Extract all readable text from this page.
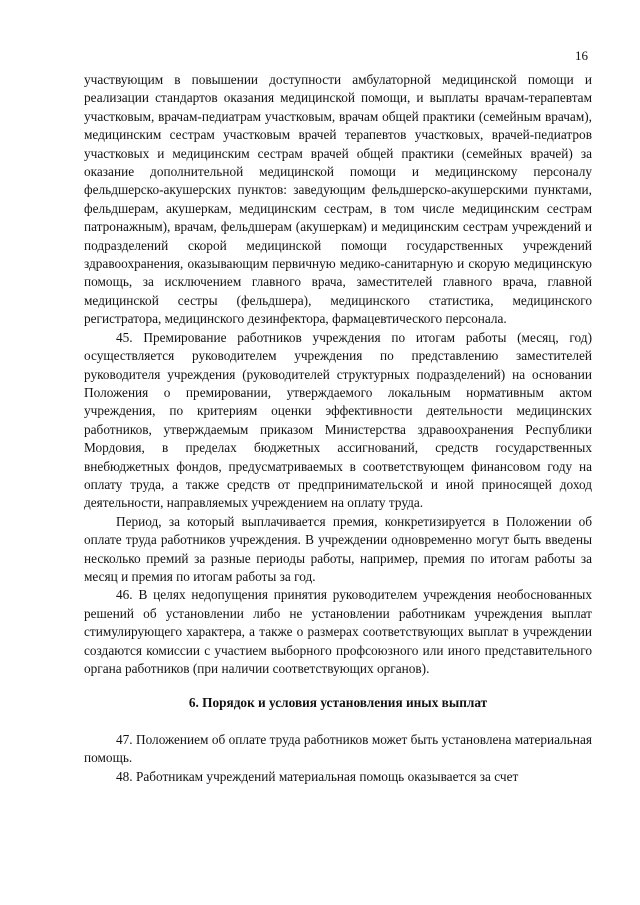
16

участвующим в повышении доступности амбулаторной медицинской помощи и реализации стандартов оказания медицинской помощи, и выплаты врачам-терапевтам участковым, врачам-педиатрам участковым, врачам общей практики (семейным врачам), медицинским сестрам участковым врачей терапевтов участковых, врачей-педиатров участковых и медицинским сестрам врачей общей практики (семейных врачей) за оказание дополнительной медицинской помощи и медицинскому персоналу фельдшерско-акушерских пунктов: заведующим фельдшерско-акушерскими пунктами, фельдшерам, акушеркам, медицинским сестрам, в том числе медицинским сестрам патронажным), врачам, фельдшерам (акушеркам) и медицинским сестрам учреждений и подразделений скорой медицинской помощи государственных учреждений здравоохранения, оказывающим первичную медико-санитарную и скорую медицинскую помощь, за исключением главного врача, заместителей главного врача, главной медицинской сестры (фельдшера), медицинского статистика, медицинского регистратора, медицинского дезинфектора, фармацевтического персонала.

45. Премирование работников учреждения по итогам работы (месяц, год) осуществляется руководителем учреждения по представлению заместителей руководителя учреждения (руководителей структурных подразделений) на основании Положения о премировании, утверждаемого локальным нормативным актом учреждения, по критериям оценки эффективности деятельности медицинских работников, утверждаемым приказом Министерства здравоохранения Республики Мордовия, в пределах бюджетных ассигнований, средств государственных внебюджетных фондов, предусматриваемых в соответствующем финансовом году на оплату труда, а также средств от предпринимательской и иной приносящей доход деятельности, направляемых учреждением на оплату труда.

Период, за который выплачивается премия, конкретизируется в Положении об оплате труда работников учреждения. В учреждении одновременно могут быть введены несколько премий за разные периоды работы, например, премия по итогам работы за месяц и премия по итогам работы за год.

46. В целях недопущения принятия руководителем учреждения необоснованных решений об установлении либо не установлении работникам учреждения выплат стимулирующего характера, а также о размерах соответствующих выплат в учреждении создаются комиссии с участием выборного профсоюзного или иного представительного органа работников (при наличии соответствующих органов).

6. Порядок и условия установления иных выплат

47. Положением об оплате труда работников может быть установлена материальная помощь.

48. Работникам учреждений материальная помощь оказывается за счет
